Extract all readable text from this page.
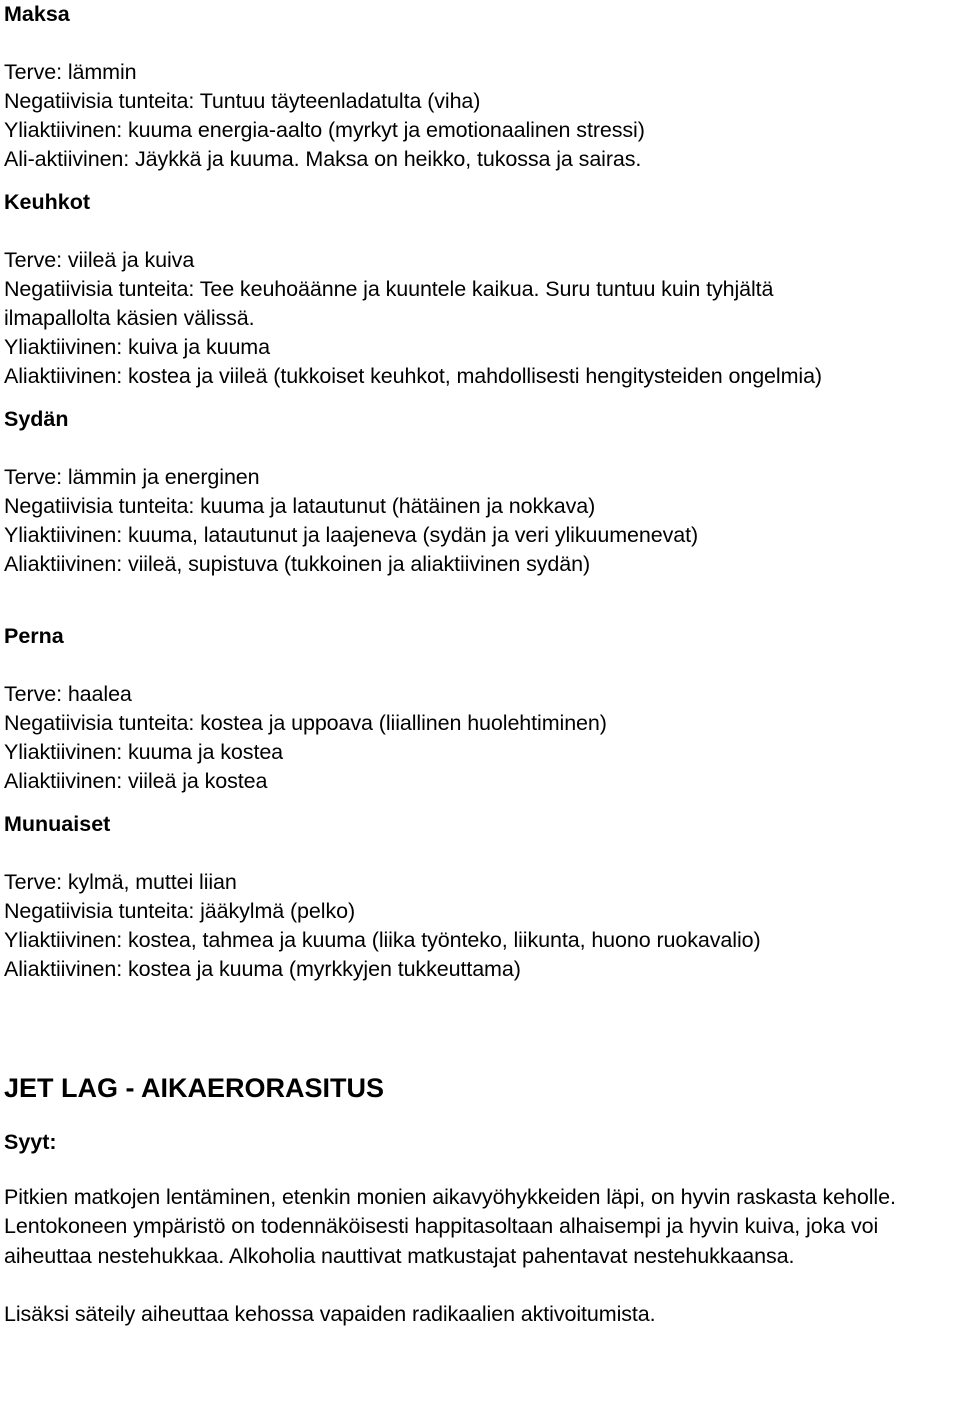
Maksa
Terve: lämmin
Negatiivisia tunteita: Tuntuu täyteenladatulta (viha)
Yliaktiivinen: kuuma energia-aalto (myrkyt ja emotionaalinen stressi)
Ali-aktiivinen: Jäykkä ja kuuma. Maksa on heikko, tukossa ja sairas.
Keuhkot
Terve: viileä ja kuiva
Negatiivisia tunteita: Tee keuhoäänne ja kuuntele kaikua. Suru tuntuu kuin tyhjältä
ilmapallolta käsien välissä.
Yliaktiivinen: kuiva ja kuuma
Aliaktiivinen: kostea ja viileä (tukkoiset keuhkot, mahdollisesti hengitysteiden ongelmia)
Sydän
Terve: lämmin ja energinen
Negatiivisia tunteita: kuuma ja latautunut (hätäinen ja nokkava)
Yliaktiivinen: kuuma, latautunut ja laajeneva (sydän ja veri ylikuumenevat)
Aliaktiivinen: viileä, supistuva (tukkoinen ja aliaktiivinen sydän)
Perna
Terve: haalea
Negatiivisia tunteita: kostea ja uppoava (liiallinen huolehtiminen)
Yliaktiivinen: kuuma ja kostea
Aliaktiivinen: viileä ja kostea
Munuaiset
Terve: kylmä, muttei liian
Negatiivisia tunteita: jääkylmä (pelko)
Yliaktiivinen: kostea, tahmea ja kuuma (liika työnteko, liikunta, huono ruokavalio)
Aliaktiivinen: kostea ja kuuma (myrkkyjen tukkeuttama)
JET LAG - AIKAERORASITUS
Syyt:
Pitkien matkojen lentäminen, etenkin monien aikavyöhykkeiden läpi, on hyvin raskasta keholle. Lentokoneen ympäristö on todennäköisesti happitasoltaan alhaisempi ja hyvin kuiva, joka voi aiheuttaa nestehukkaa. Alkoholia nauttivat matkustajat pahentavat nestehukkaansa.
Lisäksi säteily aiheuttaa kehossa vapaiden radikaalien aktivoitumista.
